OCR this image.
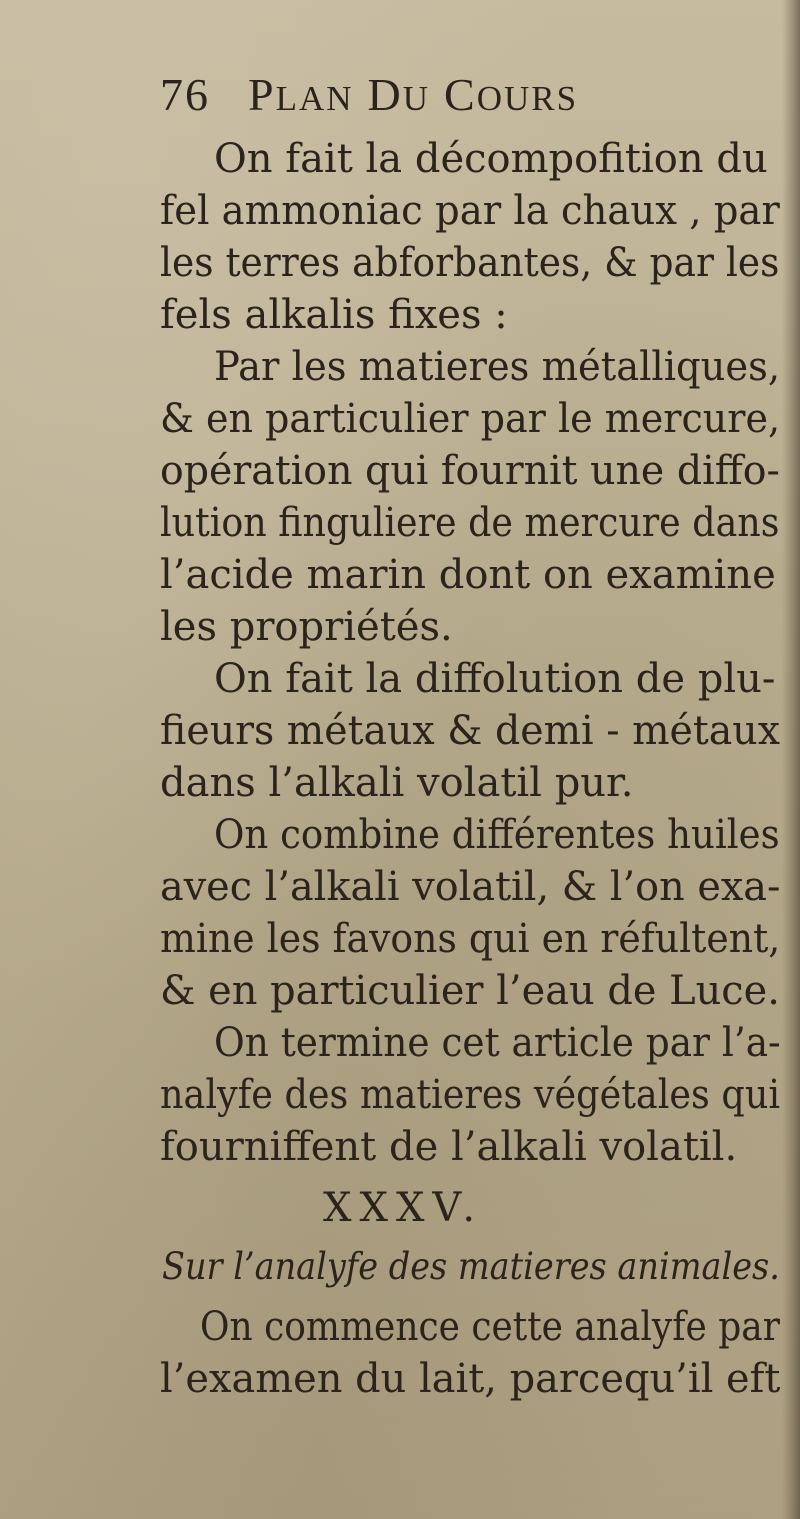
76 PLAN DU COURS
On fait la décompofition du
fel ammoniac par la chaux , par
les terres abforbantes, & par les
fels alkalis fixes :
Par les matieres métalliques,
& en particulier par le mercure,
opération qui fournit une diffo-
lution finguliere de mercure dans
l’acide marin dont on examine
les propriétés.
On fait la diffolution de plu-
fieurs métaux & demi - métaux
dans l’alkali volatil pur.
On combine différentes huiles
avec l’alkali volatil, & l’on exa-
mine les favons qui en réfultent,
& en particulier l’eau de Luce.
On termine cet article par l’a-
nalyfe des matieres végétales qui
fourniffent de l’alkali volatil.
XXXV.
Sur l’analyfe des matieres animales.
On commence cette analyfe par
l’examen du lait, parcequ’il eft
